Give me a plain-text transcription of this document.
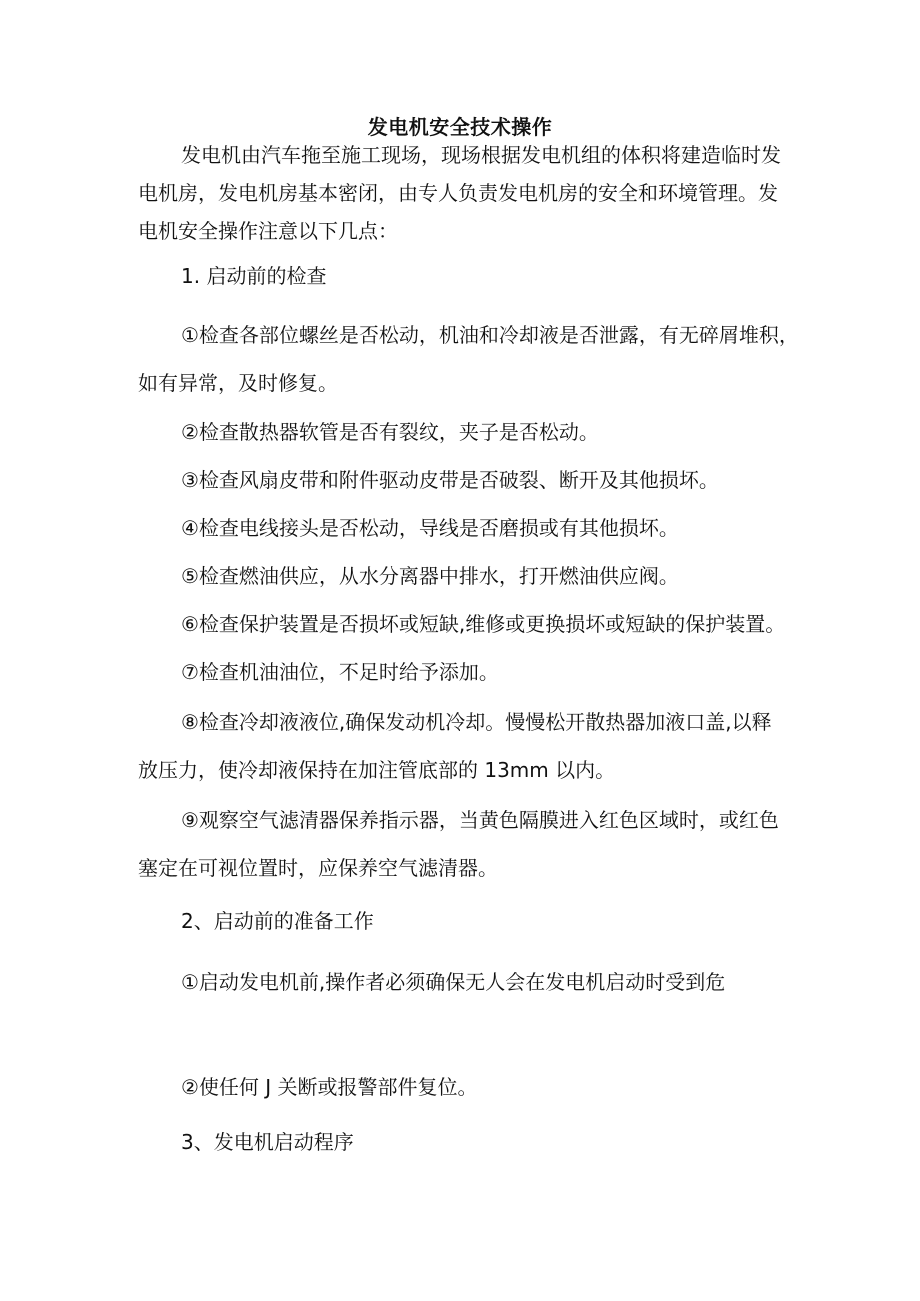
发电机安全技术操作
发电机由汽车拖至施工现场，现场根据发电机组的体积将建造临时发
电机房，发电机房基本密闭，由专人负责发电机房的安全和环境管理。发
电机安全操作注意以下几点：
1. 启动前的检查
①检查各部位螺丝是否松动，机油和冷却液是否泄露，有无碎屑堆积，
如有异常，及时修复。
②检查散热器软管是否有裂纹，夹子是否松动。
③检查风扇皮带和附件驱动皮带是否破裂、断开及其他损坏。
④检查电线接头是否松动，导线是否磨损或有其他损坏。
⑤检查燃油供应，从水分离器中排水，打开燃油供应阀。
⑥检查保护装置是否损坏或短缺,维修或更换损坏或短缺的保护装置。
⑦检查机油油位，不足时给予添加。
⑧检查冷却液液位,确保发动机冷却。慢慢松开散热器加液口盖,以释
放压力，使冷却液保持在加注管底部的 13mm 以内。
⑨观察空气滤清器保养指示器，当黄色隔膜进入红色区域时，或红色
塞定在可视位置时，应保养空气滤清器。
2、启动前的准备工作
①启动发电机前,操作者必须确保无人会在发电机启动时受到危
②使任何 J 关断或报警部件复位。
3、发电机启动程序
